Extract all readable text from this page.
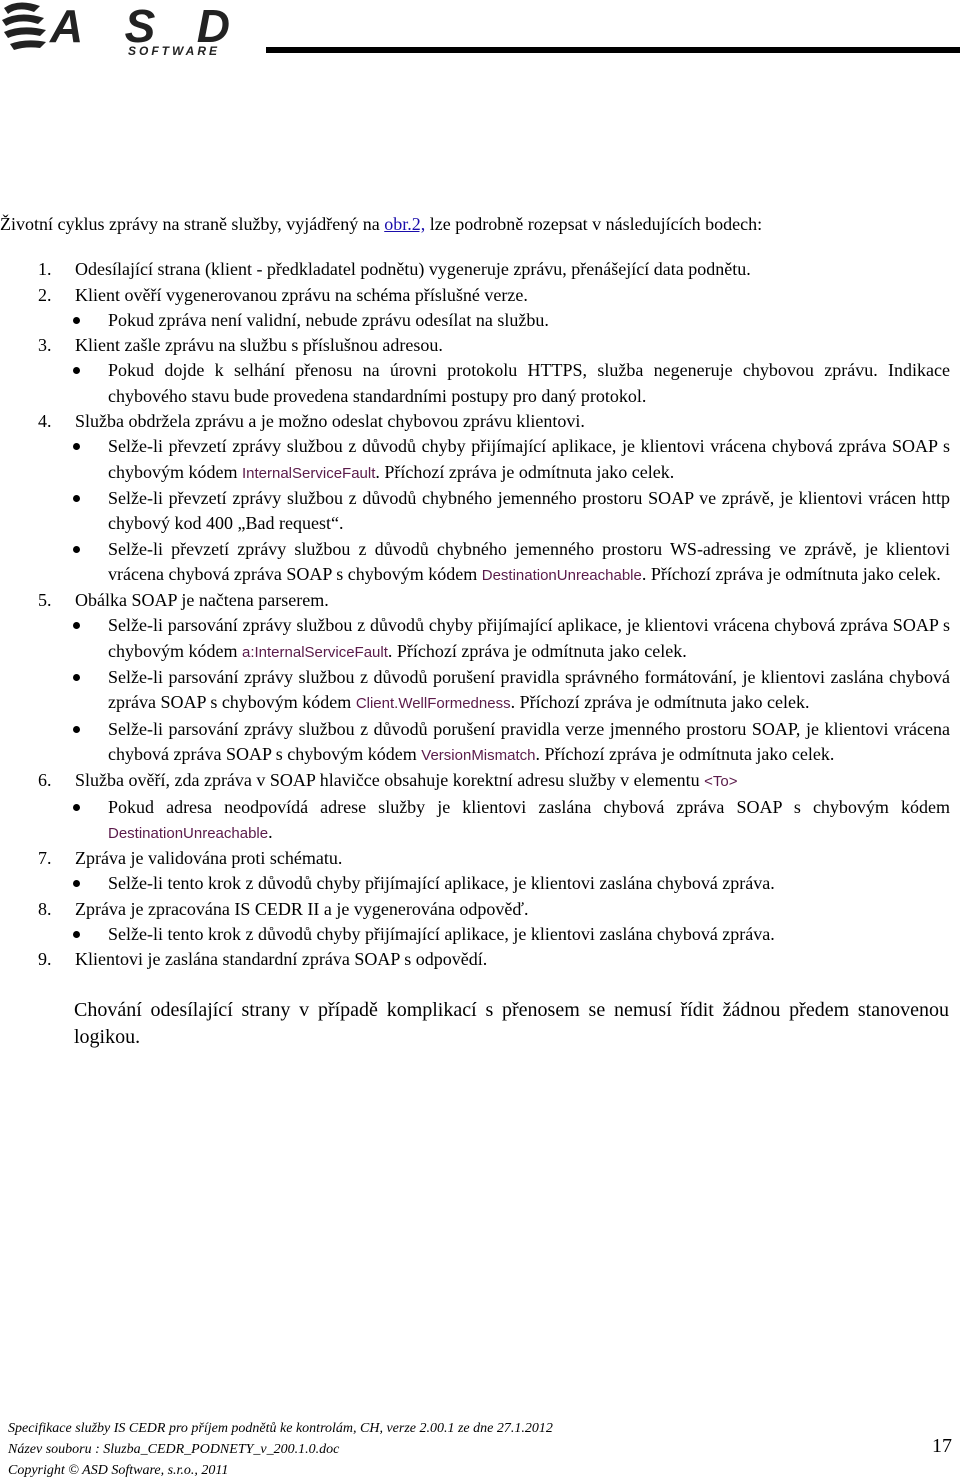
ASD
SOFTWARE

Životní cyklus zprávy na straně služby, vyjádřený na obr.2, lze podrobně rozepsat v následujících bodech:

1. Odesílající strana (klient - předkladatel podnětu) vygeneruje zprávu, přenášející data podnětu.
2. Klient ověří vygenerovanou zprávu na schéma příslušné verze.
Pokud zpráva není validní, nebude zprávu odesílat na službu.
3. Klient zašle zprávu na službu s příslušnou adresou.
Pokud dojde k selhání přenosu na úrovni protokolu HTTPS, služba negeneruje chybovou zprávu. Indikace chybového stavu bude provedena standardními postupy pro daný protokol.
4. Služba obdržela zprávu a je možno odeslat chybovou zprávu klientovi.
Selže-li převzetí zprávy službou z důvodů chyby přijímající aplikace, je klientovi vrácena chybová zpráva SOAP s chybovým kódem InternalServiceFault. Příchozí zpráva je odmítnuta jako celek.
Selže-li převzetí zprávy službou z důvodů chybného jemenného prostoru SOAP ve zprávě, je klientovi vrácen http chybový kod 400 „Bad request“.
Selže-li převzetí zprávy službou z důvodů chybného jemenného prostoru WS-adressing ve zprávě, je klientovi vrácena chybová zpráva SOAP s chybovým kódem DestinationUnreachable. Příchozí zpráva je odmítnuta jako celek.
5. Obálka SOAP je načtena parserem.
Selže-li parsování zprávy službou z důvodů chyby přijímající aplikace, je klientovi vrácena chybová zpráva SOAP s chybovým kódem a:InternalServiceFault. Příchozí zpráva je odmítnuta jako celek.
Selže-li parsování zprávy službou z důvodů porušení pravidla správného formátování, je klientovi zaslána chybová zpráva SOAP s chybovým kódem Client.WellFormedness. Příchozí zpráva je odmítnuta jako celek.
Selže-li parsování zprávy službou z důvodů porušení pravidla verze jmenného prostoru SOAP, je klientovi vrácena chybová zpráva SOAP s chybovým kódem VersionMismatch. Příchozí zpráva je odmítnuta jako celek.
6. Služba ověří, zda zpráva v SOAP hlavičce obsahuje korektní adresu služby v elementu <To>
Pokud adresa neodpovídá adrese služby je klientovi zaslána chybová zpráva SOAP s chybovým kódem DestinationUnreachable.
7. Zpráva je validována proti schématu.
Selže-li tento krok z důvodů chyby přijímající aplikace, je klientovi zaslána chybová zpráva.
8. Zpráva je zpracována IS CEDR II a je vygenerována odpověď.
Selže-li tento krok z důvodů chyby přijímající aplikace, je klientovi zaslána chybová zpráva.
9. Klientovi je zaslána standardní zpráva SOAP s odpovědí.

Chování odesílající strany v případě komplikací s přenosem se nemusí řídit žádnou předem stanovenou logikou.

Specifikace služby IS CEDR pro příjem podnětů ke kontrolám, CH, verze 2.00.1 ze dne 27.1.2012
Název souboru : Sluzba_CEDR_PODNETY_v_200.1.0.doc
Copyright © ASD Software, s.r.o., 2011
17
